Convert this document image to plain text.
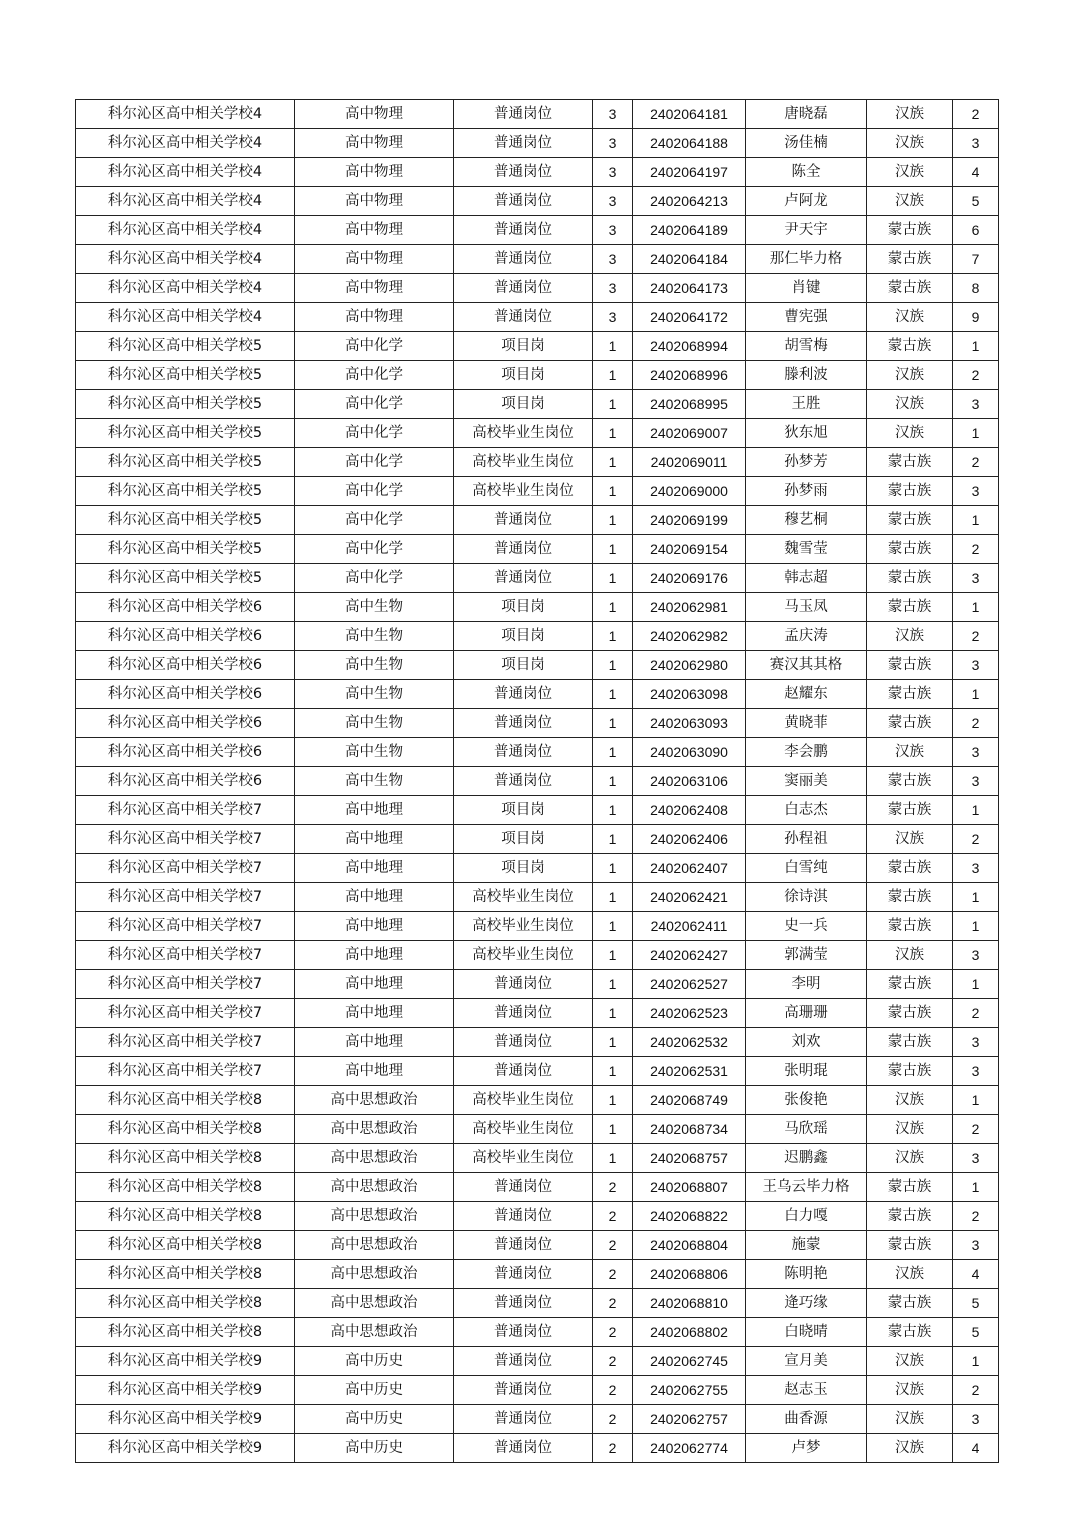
科尔沁区高中相关学校4	高中物理	普通岗位	3	2402064181	唐晓磊	汉族	2
科尔沁区高中相关学校4	高中物理	普通岗位	3	2402064188	汤佳楠	汉族	3
科尔沁区高中相关学校4	高中物理	普通岗位	3	2402064197	陈全	汉族	4
科尔沁区高中相关学校4	高中物理	普通岗位	3	2402064213	卢阿龙	汉族	5
科尔沁区高中相关学校4	高中物理	普通岗位	3	2402064189	尹天宇	蒙古族	6
科尔沁区高中相关学校4	高中物理	普通岗位	3	2402064184	那仁毕力格	蒙古族	7
科尔沁区高中相关学校4	高中物理	普通岗位	3	2402064173	肖键	蒙古族	8
科尔沁区高中相关学校4	高中物理	普通岗位	3	2402064172	曹宪强	汉族	9
科尔沁区高中相关学校5	高中化学	项目岗	1	2402068994	胡雪梅	蒙古族	1
科尔沁区高中相关学校5	高中化学	项目岗	1	2402068996	滕利波	汉族	2
科尔沁区高中相关学校5	高中化学	项目岗	1	2402068995	王胜	汉族	3
科尔沁区高中相关学校5	高中化学	高校毕业生岗位	1	2402069007	狄东旭	汉族	1
科尔沁区高中相关学校5	高中化学	高校毕业生岗位	1	2402069011	孙梦芳	蒙古族	2
科尔沁区高中相关学校5	高中化学	高校毕业生岗位	1	2402069000	孙梦雨	蒙古族	3
科尔沁区高中相关学校5	高中化学	普通岗位	1	2402069199	穆艺桐	蒙古族	1
科尔沁区高中相关学校5	高中化学	普通岗位	1	2402069154	魏雪莹	蒙古族	2
科尔沁区高中相关学校5	高中化学	普通岗位	1	2402069176	韩志超	蒙古族	3
科尔沁区高中相关学校6	高中生物	项目岗	1	2402062981	马玉凤	蒙古族	1
科尔沁区高中相关学校6	高中生物	项目岗	1	2402062982	孟庆涛	汉族	2
科尔沁区高中相关学校6	高中生物	项目岗	1	2402062980	赛汉其其格	蒙古族	3
科尔沁区高中相关学校6	高中生物	普通岗位	1	2402063098	赵耀东	蒙古族	1
科尔沁区高中相关学校6	高中生物	普通岗位	1	2402063093	黄晓菲	蒙古族	2
科尔沁区高中相关学校6	高中生物	普通岗位	1	2402063090	李会鹏	汉族	3
科尔沁区高中相关学校6	高中生物	普通岗位	1	2402063106	窦丽美	蒙古族	3
科尔沁区高中相关学校7	高中地理	项目岗	1	2402062408	白志杰	蒙古族	1
科尔沁区高中相关学校7	高中地理	项目岗	1	2402062406	孙程祖	汉族	2
科尔沁区高中相关学校7	高中地理	项目岗	1	2402062407	白雪纯	蒙古族	3
科尔沁区高中相关学校7	高中地理	高校毕业生岗位	1	2402062421	徐诗淇	蒙古族	1
科尔沁区高中相关学校7	高中地理	高校毕业生岗位	1	2402062411	史一兵	蒙古族	1
科尔沁区高中相关学校7	高中地理	高校毕业生岗位	1	2402062427	郭满莹	汉族	3
科尔沁区高中相关学校7	高中地理	普通岗位	1	2402062527	李明	蒙古族	1
科尔沁区高中相关学校7	高中地理	普通岗位	1	2402062523	高珊珊	蒙古族	2
科尔沁区高中相关学校7	高中地理	普通岗位	1	2402062532	刘欢	蒙古族	3
科尔沁区高中相关学校7	高中地理	普通岗位	1	2402062531	张明琨	蒙古族	3
科尔沁区高中相关学校8	高中思想政治	高校毕业生岗位	1	2402068749	张俊艳	汉族	1
科尔沁区高中相关学校8	高中思想政治	高校毕业生岗位	1	2402068734	马欣瑶	汉族	2
科尔沁区高中相关学校8	高中思想政治	高校毕业生岗位	1	2402068757	迟鹏鑫	汉族	3
科尔沁区高中相关学校8	高中思想政治	普通岗位	2	2402068807	王乌云毕力格	蒙古族	1
科尔沁区高中相关学校8	高中思想政治	普通岗位	2	2402068822	白力嘎	蒙古族	2
科尔沁区高中相关学校8	高中思想政治	普通岗位	2	2402068804	施蒙	蒙古族	3
科尔沁区高中相关学校8	高中思想政治	普通岗位	2	2402068806	陈明艳	汉族	4
科尔沁区高中相关学校8	高中思想政治	普通岗位	2	2402068810	逄巧缘	蒙古族	5
科尔沁区高中相关学校8	高中思想政治	普通岗位	2	2402068802	白晓晴	蒙古族	5
科尔沁区高中相关学校9	高中历史	普通岗位	2	2402062745	宣月美	汉族	1
科尔沁区高中相关学校9	高中历史	普通岗位	2	2402062755	赵志玉	汉族	2
科尔沁区高中相关学校9	高中历史	普通岗位	2	2402062757	曲香源	汉族	3
科尔沁区高中相关学校9	高中历史	普通岗位	2	2402062774	卢梦	汉族	4
